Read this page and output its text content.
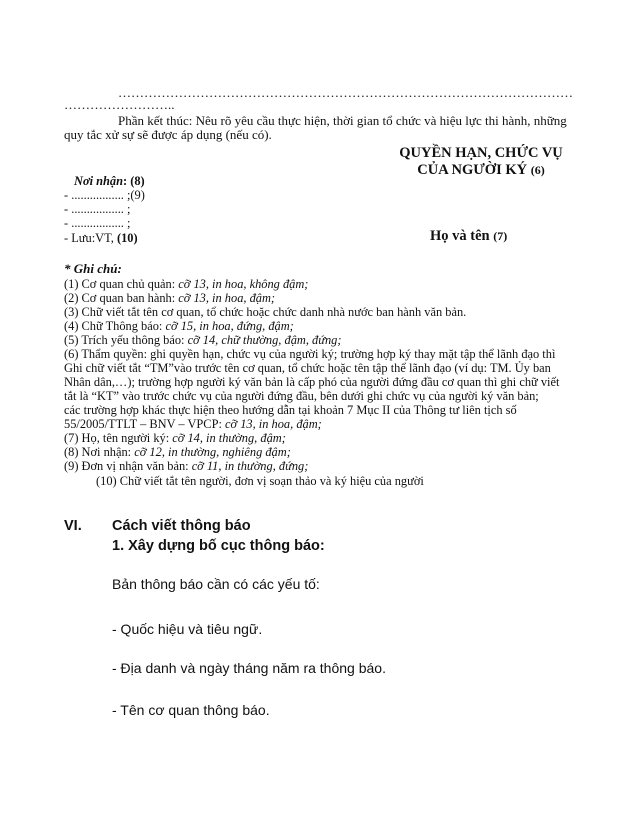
……………………………………………………………………………………………
……………………..
Phần kết thúc: Nêu rõ yêu cầu thực hiện, thời gian tổ chức và hiệu lực thi hành, những
quy tắc xử sự sẽ được áp dụng (nếu có).
QUYỀN HẠN, CHỨC VỤ
CỦA NGƯỜI KÝ (6)
Họ và tên (7)
Nơi nhận: (8)
- ................. ;(9)
- ................. ;
- ................. ;
- Lưu:VT, (10)
* Ghi chú:
(1) Cơ quan chủ quản: cỡ 13, in hoa, không đậm;
(2) Cơ quan ban hành: cỡ 13, in hoa, đậm;
(3) Chữ viết tắt tên cơ quan, tổ chức hoặc chức danh nhà nước ban hành văn bản.
(4) Chữ Thông báo: cỡ 15, in hoa, đứng, đậm;
(5) Trích yếu thông báo: cỡ 14, chữ thường, đậm, đứng;
(6) Thẩm quyền: ghi quyền hạn, chức vụ của người ký; trường hợp ký thay mặt tập thể lãnh đạo thì
Ghi chữ viết tắt “TM”vào trước tên cơ quan, tổ chức hoặc tên tập thể lãnh đạo (ví dụ: TM. Ủy ban
Nhân dân,…); trường hợp người ký văn bản là cấp phó của người đứng đầu cơ quan thì ghi chữ viết
tắt là “KT” vào trước chức vụ của người đứng đầu, bên dưới ghi chức vụ của người ký văn bản;
các trường hợp khác thực hiện theo hướng dẫn tại khoản 7 Mục II của Thông tư liên tịch số
55/2005/TTLT – BNV – VPCP: cỡ 13, in hoa, đậm;
(7) Họ, tên người ký: cỡ 14, in thường, đậm;
(8) Nơi nhận: cỡ 12, in thường, nghiêng đậm;
(9) Đơn vị nhận văn bản: cỡ 11, in thường, đứng;
(10) Chữ viết tắt tên người, đơn vị soạn thảo và ký hiệu của người
VI. Cách viết thông báo
1. Xây dựng bố cục thông báo:
Bản thông báo cần có các yếu tố:
- Quốc hiệu và tiêu ngữ.
- Địa danh và ngày tháng năm ra thông báo.
- Tên cơ quan thông báo.
